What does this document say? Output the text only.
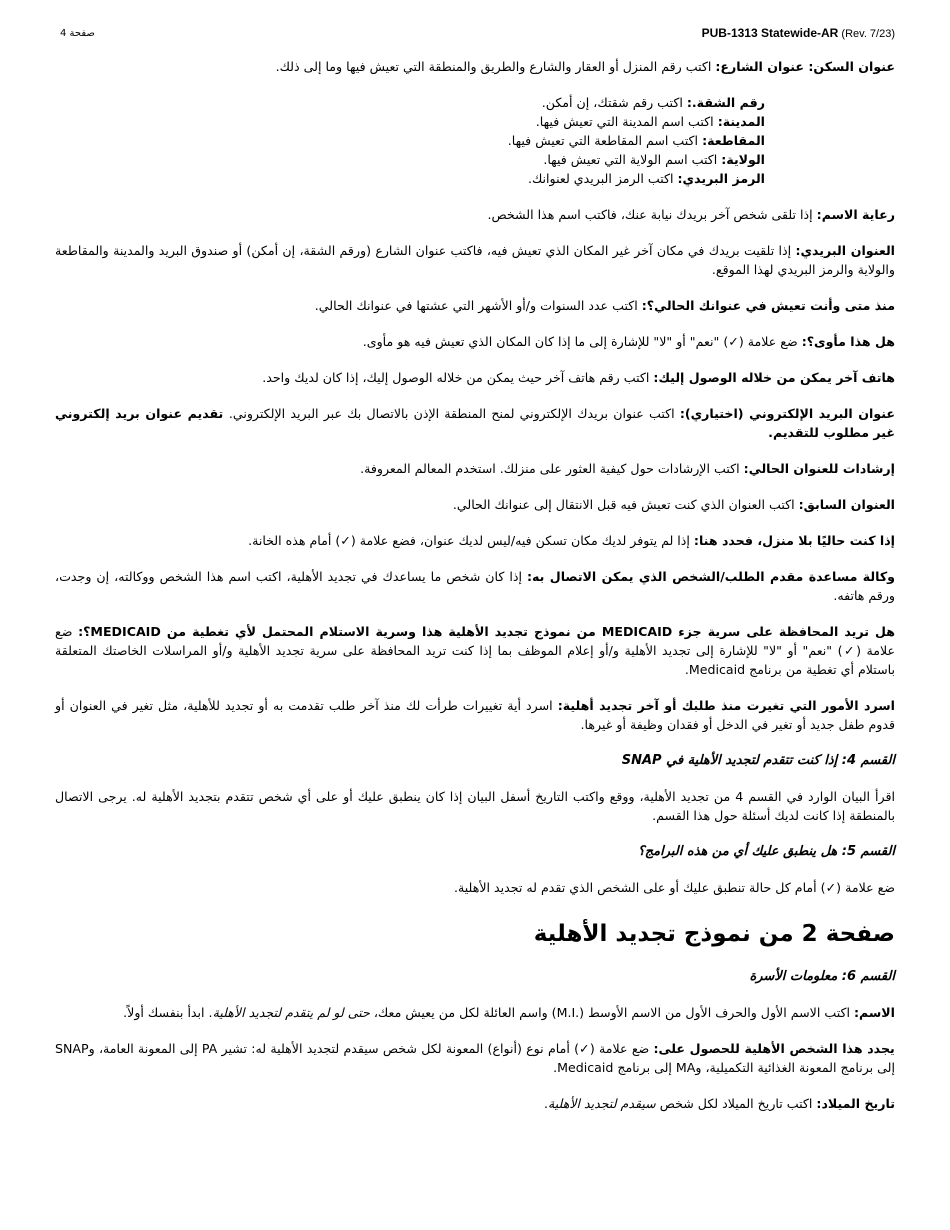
صفحة 4	PUB-1313 Statewide-AR (Rev. 7/23)

عنوان السكن: عنوان الشارع: اكتب رقم المنزل أو العقار والشارع والطريق والمنطقة التي تعيش فيها وما إلى ذلك.

رقم الشقة.: اكتب رقم شقتك، إن أمكن.
المدينة: اكتب اسم المدينة التي تعيش فيها.
المقاطعة: اكتب اسم المقاطعة التي تعيش فيها.
الولاية: اكتب اسم الولاية التي تعيش فيها.
الرمز البريدي: اكتب الرمز البريدي لعنوانك.

رعاية الاسم: إذا تلقى شخص آخر بريدك نيابة عنك، فاكتب اسم هذا الشخص.

العنوان البريدي: إذا تلقيت بريدك في مكان آخر غير المكان الذي تعيش فيه، فاكتب عنوان الشارع (ورقم الشقة، إن أمكن) أو صندوق البريد والمدينة والمقاطعة والولاية والرمز البريدي لهذا الموقع.

منذ متى وأنت تعيش في عنوانك الحالي؟: اكتب عدد السنوات و/أو الأشهر التي عشتها في عنوانك الحالي.

هل هذا مأوى؟: ضع علامة (✓) "نعم" أو "لا" للإشارة إلى ما إذا كان المكان الذي تعيش فيه هو مأوى.

هاتف آخر يمكن من خلاله الوصول إليك: اكتب رقم هاتف آخر حيث يمكن من خلاله الوصول إليك، إذا كان لديك واحد.

عنوان البريد الإلكتروني (اختياري): اكتب عنوان بريدك الإلكتروني لمنح المنطقة الإذن بالاتصال بك عبر البريد الإلكتروني. تقديم عنوان بريد إلكتروني غير مطلوب للتقديم.

إرشادات للعنوان الحالي: اكتب الإرشادات حول كيفية العثور على منزلك. استخدم المعالم المعروفة.

العنوان السابق: اكتب العنوان الذي كنت تعيش فيه قبل الانتقال إلى عنوانك الحالي.

إذا كنت حاليًا بلا منزل، فحدد هنا: إذا لم يتوفر لديك مكان تسكن فيه/ليس لديك عنوان، فضع علامة (✓) أمام هذه الخانة.

وكالة مساعدة مقدم الطلب/الشخص الذي يمكن الاتصال به: إذا كان شخص ما يساعدك في تجديد الأهلية، اكتب اسم هذا الشخص ووكالته، إن وجدت، ورقم هاتفه.

هل تريد المحافظة على سرية جزء MEDICAID من نموذج تجديد الأهلية هذا وسرية الاستلام المحتمل لأي تغطية من MEDICAID؟: ضع علامة (✓) "نعم" أو "لا" للإشارة إلى تجديد الأهلية و/أو إعلام الموظف بما إذا كنت تريد المحافظة على سرية تجديد الأهلية و/أو المراسلات الخاصتك المتعلقة باستلام أي تغطية من برنامج Medicaid.

اسرد الأمور التي تغيرت منذ طلبك أو آخر تجديد أهلية: اسرد أية تغييرات طرأت لك منذ آخر طلب تقدمت به أو تجديد للأهلية، مثل تغير في العنوان أو قدوم طفل جديد أو تغير في الدخل أو فقدان وظيفة أو غيرها.

القسم 4: إذا كنت تتقدم لتجديد الأهلية في SNAP

اقرأ البيان الوارد في القسم 4 من تجديد الأهلية، ووقع واكتب التاريخ أسفل البيان إذا كان ينطبق عليك أو على أي شخص تتقدم بتجديد الأهلية له. يرجى الاتصال بالمنطقة إذا كانت لديك أسئلة حول هذا القسم.

القسم 5: هل ينطبق عليك أي من هذه البرامج؟

ضع علامة (✓) أمام كل حالة تنطبق عليك أو على الشخص الذي تقدم له تجديد الأهلية.

صفحة 2 من نموذج تجديد الأهلية
القسم 6: معلومات الأسرة

الاسم: اكتب الاسم الأول والحرف الأول من الاسم الأوسط (.M.I) واسم العائلة لكل من يعيش معك، حتى لو لم يتقدم لتجديد الأهلية. ابدأ بنفسك أولاً.

يجدد هذا الشخص الأهلية للحصول على: ضع علامة (✓) أمام نوع (أنواع) المعونة لكل شخص سيقدم لتجديد الأهلية له: تشير PA إلى المعونة العامة، وSNAP إلى برنامج المعونة الغذائية التكميلية، وMA إلى برنامج Medicaid.

تاريخ الميلاد: اكتب تاريخ الميلاد لكل شخص سيقدم لتجديد الأهلية.
